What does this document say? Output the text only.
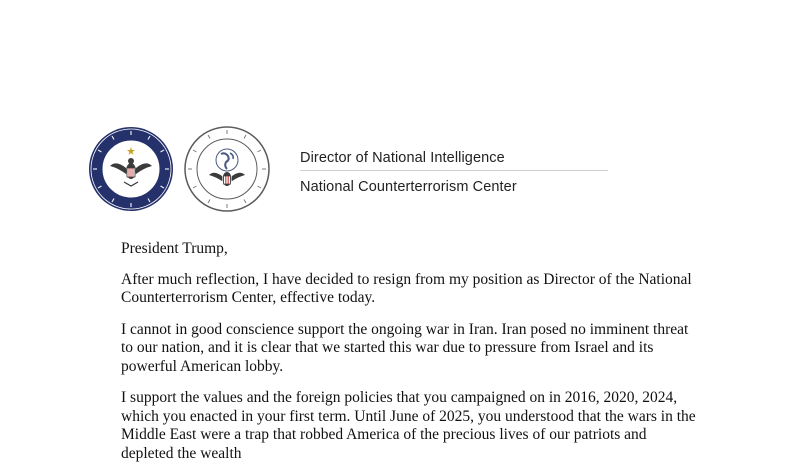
Director of National Intelligence
National Counterterrorism Center

President Trump,

After much reflection, I have decided to resign from my position as Director of the National Counterterrorism Center, effective today.

I cannot in good conscience support the ongoing war in Iran. Iran posed no imminent threat to our nation, and it is clear that we started this war due to pressure from Israel and its powerful American lobby.

I support the values and the foreign policies that you campaigned on in 2016, 2020, 2024, which you enacted in your first term. Until June of 2025, you understood that the wars in the Middle East were a trap that robbed America of the precious lives of our patriots and depleted the wealth
